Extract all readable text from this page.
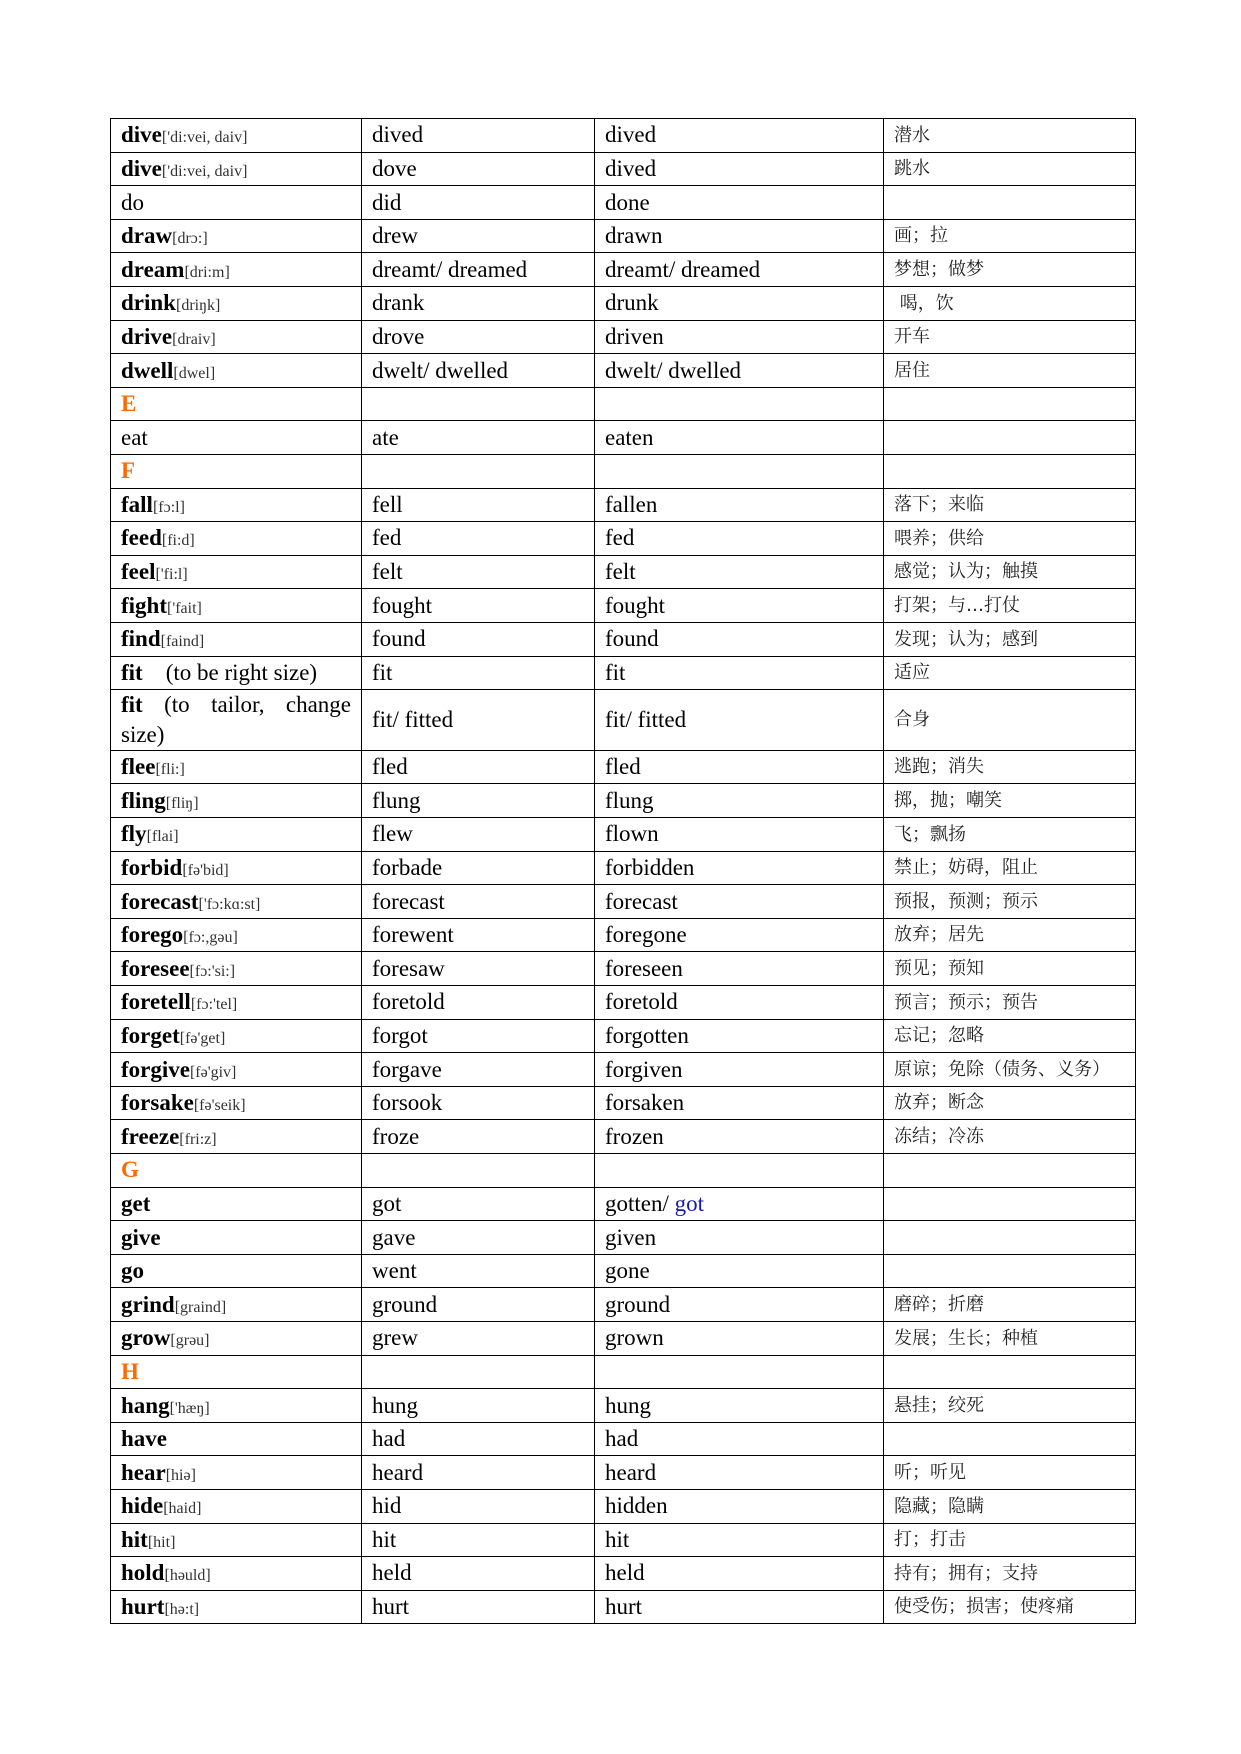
dive['di:vei, daiv]	dived	dived	潜水
dive['di:vei, daiv]	dove	dived	跳水
do	did	done	
draw[drɔ:]	drew	drawn	画；拉
dream[dri:m]	dreamt/ dreamed	dreamt/ dreamed	梦想；做梦
drink[driŋk]	drank	drunk	喝，饮
drive[draiv]	drove	driven	开车
dwell[dwel]	dwelt/ dwelled	dwelt/ dwelled	居住
E			
eat	ate	eaten	
F			
fall[fɔ:l]	fell	fallen	落下；来临
feed[fi:d]	fed	fed	喂养；供给
feel['fi:l]	felt	felt	感觉；认为；触摸
fight['fait]	fought	fought	打架；与…打仗
find[faind]	found	found	发现；认为；感到
fit    (to be right size)	fit	fit	适应
fit (to tailor, change size)	fit/ fitted	fit/ fitted	合身
flee[fli:]	fled	fled	逃跑；消失
fling[fliŋ]	flung	flung	掷，抛；嘲笑
fly[flai]	flew	flown	飞；飘扬
forbid[fə'bid]	forbade	forbidden	禁止；妨碍，阻止
forecast['fɔ:kɑ:st]	forecast	forecast	预报，预测；预示
forego[fɔ:,gəu]	forewent	foregone	放弃；居先
foresee[fɔ:'si:]	foresaw	foreseen	预见；预知
foretell[fɔ:'tel]	foretold	foretold	预言；预示；预告
forget[fə'get]	forgot	forgotten	忘记；忽略
forgive[fə'giv]	forgave	forgiven	原谅；免除（债务、义务）
forsake[fə'seik]	forsook	forsaken	放弃；断念
freeze[fri:z]	froze	frozen	冻结；冷冻
G			
get	got	gotten/ got	
give	gave	given	
go	went	gone	
grind[graind]	ground	ground	磨碎；折磨
grow[grəu]	grew	grown	发展；生长；种植
H			
hang['hæŋ]	hung	hung	悬挂；绞死
have	had	had	
hear[hiə]	heard	heard	听；听见
hide[haid]	hid	hidden	隐藏；隐瞒
hit[hit]	hit	hit	打；打击
hold[həuld]	held	held	持有；拥有；支持
hurt[hə:t]	hurt	hurt	使受伤；损害；使疼痛
